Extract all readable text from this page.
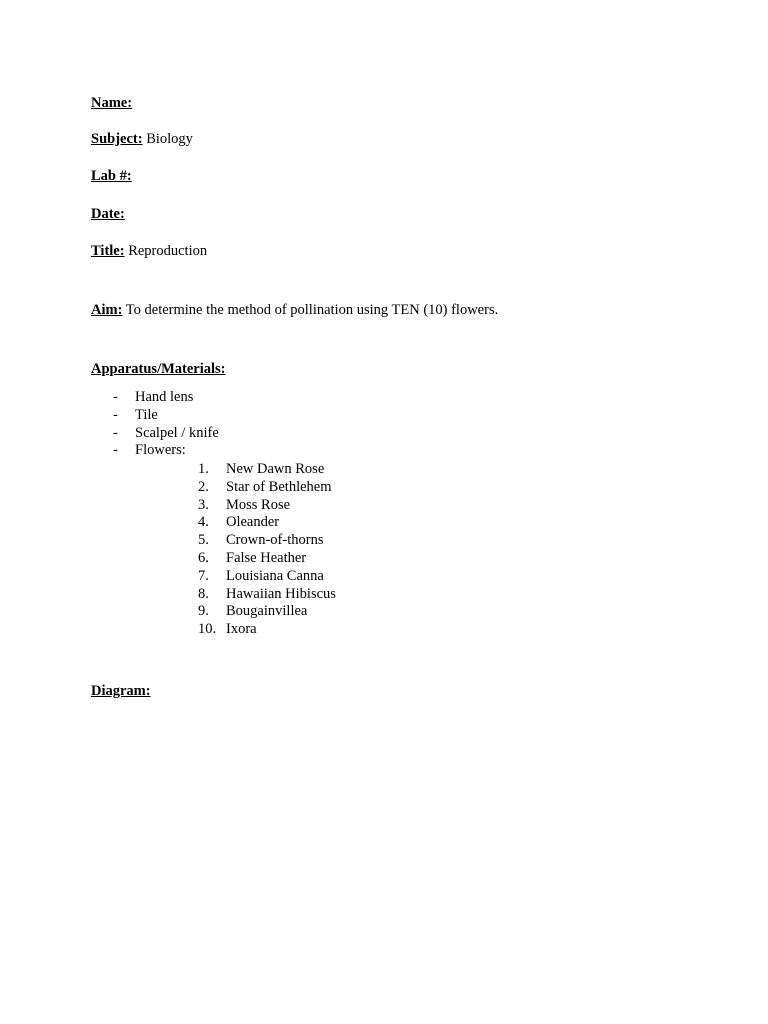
Name:
Subject: Biology
Lab #:
Date:
Title: Reproduction
Aim: To determine the method of pollination using TEN (10) flowers.
Apparatus/Materials:
- Hand lens
- Tile
- Scalpel / knife
- Flowers:
1. New Dawn Rose
2. Star of Bethlehem
3. Moss Rose
4. Oleander
5. Crown-of-thorns
6. False Heather
7. Louisiana Canna
8. Hawaiian Hibiscus
9. Bougainvillea
10. Ixora
Diagram:
